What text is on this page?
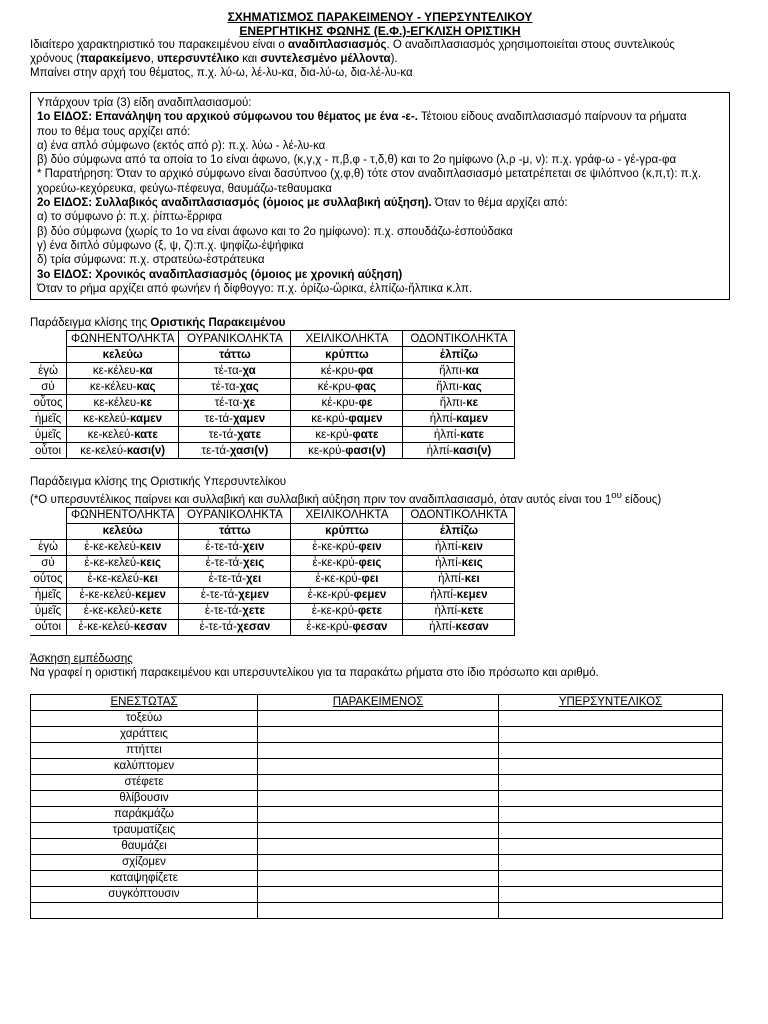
ΣΧΗΜΑΤΙΣΜΟΣ ΠΑΡΑΚΕΙΜΕΝΟΥ - ΥΠΕΡΣΥΝΤΕΛΙΚΟΥ

ΕΝΕΡΓΗΤΙΚΗΣ ΦΩΝΗΣ (Ε.Φ.)-ΕΓΚΛΙΣΗ ΟΡΙΣΤΙΚΗ

Ιδιαίτερο χαρακτηριστικό του παρακειμένου είναι ο αναδιπλασιασμός. Ο αναδιπλασιασμός χρησιμοποιείται στους συντελικούς

χρόνους (παρακείμενο, υπερσυντέλικο και συντελεσμένο μέλλοντα).

Μπαίνει στην αρχή του θέματος, π.χ. λύ-ω, λέ-λυ-κα, δια-λύ-ω, δια-λέ-λυ-κα

Υπάρχουν τρία (3) είδη αναδιπλασιασμού:

1ο ΕΙΔΟΣ: Επανάληψη του αρχικού σύμφωνου του θέματος με ένα -ε-. Τέτοιου είδους αναδιπλασιασμό παίρνουν τα ρήματα

που το θέμα τους αρχίζει από:

α) ένα απλό σύμφωνο (εκτός από ρ): π.χ. λύω - λέ-λυ-κα

β) δύο σύμφωνα από τα οποία το 1ο είναι άφωνο, (κ,γ,χ - π,β,φ - τ,δ,θ) και το 2ο ημίφωνο (λ,ρ -μ, ν): π.χ. γράφ-ω - γέ-γρα-φα

* Παρατήρηση: Όταν το αρχικό σύμφωνο είναι δασύπνοο (χ,φ,θ) τότε στον αναδιπλασιασμό μετατρέπεται σε ψιλόπνοο (κ,π,τ): π.χ.

χορεύω-κεχόρευκα, φεύγω-πέφευγα, θαυμάζω-τεθαυμακα

2ο ΕΙΔΟΣ: Συλλαβικός αναδιπλασιασμός (όμοιος με συλλαβική αύξηση). Όταν το θέμα αρχίζει από:

α) το σύμφωνο ῥ: π.χ. ῥίπτω-ἔρριφα

β) δύο σύμφωνα (χωρίς το 1ο να είναι άφωνο και το 2ο ημίφωνο): π.χ. σπουδάζω-ἐσπούδακα

γ) ένα διπλό σύμφωνο (ξ, ψ, ζ):π.χ. ψηφίζω-ἐψήφικα

δ) τρία σύμφωνα: π.χ. στρατεύω-ἐστράτευκα

3ο ΕΙΔΟΣ: Χρονικός αναδιπλασιασμός (όμοιος με χρονική αύξηση)

Όταν το ρήμα αρχίζει από φωνήεν ή δίφθογγο: π.χ. ὀρίζω-ὥρικα, ἐλπίζω-ἤλπικα κ.λπ.

Παράδειγμα κλίσης της Οριστικής Παρακειμένου
	ΦΩΝΗΕΝΤΟΛΗΚΤΑ	ΟΥΡΑΝΙΚΟΛΗΚΤΑ	ΧΕΙΛΙΚΟΛΗΚΤΑ	ΟΔΟΝΤΙΚΟΛΗΚΤΑ
	κελεύω	τάττω	κρύπτω	ἐλπίζω
ἐγώ	κε-κέλευ-κα	τέ-τα-χα	κέ-κρυ-φα	ἤλπι-κα
σύ	κε-κέλευ-κας	τέ-τα-χας	κέ-κρυ-φας	ἤλπι-κας
οὗτος	κε-κέλευ-κε	τέ-τα-χε	κέ-κρυ-φε	ἤλπι-κε
ἡμεῖς	κε-κελεύ-καμεν	τε-τά-χαμεν	κε-κρύ-φαμεν	ἠλπί-καμεν
ὑμεῖς	κε-κελεύ-κατε	τε-τά-χατε	κε-κρύ-φατε	ἠλπί-κατε
οὗτοι	κε-κελεύ-κασι(ν)	τε-τά-χασι(ν)	κε-κρύ-φασι(ν)	ἠλπί-κασι(ν)
Παράδειγμα κλίσης της Οριστικής Υπερσυντελίκου
(*Ο υπερσυντέλικος παίρνει και συλλαβική και συλλαβική αύξηση πριν τον αναδιπλασιασμό, όταν αυτός είναι του $1^{o\upsilon}$ είδους)
	ΦΩΝΗΕΝΤΟΛΗΚΤΑ	ΟΥΡΑΝΙΚΟΛΗΚΤΑ	ΧΕΙΛΙΚΟΛΗΚΤΑ	ΟΔΟΝΤΙΚΟΛΗΚΤΑ
	κελεύω	τάττω	κρύπτω	ἐλπίζω
ἐγώ	ἐ-κε-κελεύ-κειν	ἐ-τε-τά-χειν	ἐ-κε-κρύ-φειν	ἠλπί-κειν
σύ	ἐ-κε-κελεύ-κεις	ἐ-τε-τά-χεις	ἐ-κε-κρύ-φεις	ἠλπί-κεις
οὗτος	ἐ-κε-κελεύ-κει	ἐ-τε-τά-χει	ἐ-κε-κρύ-φει	ἠλπί-κει
ἡμεῖς	ἐ-κε-κελεύ-κεμεν	ἐ-τε-τά-χεμεν	ἐ-κε-κρύ-φεμεν	ἠλπί-κεμεν
ὑμεῖς	ἐ-κε-κελεύ-κετε	ἐ-τε-τά-χετε	ἐ-κε-κρύ-φετε	ἠλπί-κετε
οὗτοι	ἐ-κε-κελεύ-κεσαν	ἐ-τε-τά-χεσαν	ἐ-κε-κρύ-φεσαν	ἠλπί-κεσαν
Άσκηση εμπέδωσης
Να γραφεί η οριστική παρακειμένου και υπερσυντελίκου για τα παρακάτω ρήματα στο ίδιο πρόσωπο και αριθμό.
ΕΝΕΣΤΩΤΑΣ	ΠΑΡΑΚΕΙΜΕΝΟΣ	ΥΠΕΡΣΥΝΤΕΛΙΚΟΣ
τοξεύω		
χαράττεις		
πτήττει		
καλύπτομεν		
στέφετε		
θλίβουσιν		
παράκμάζω		
τραυματίζεις		
θαυμάζει		
σχίζομεν		
καταψηφίζετε		
συγκόπτουσιν		
